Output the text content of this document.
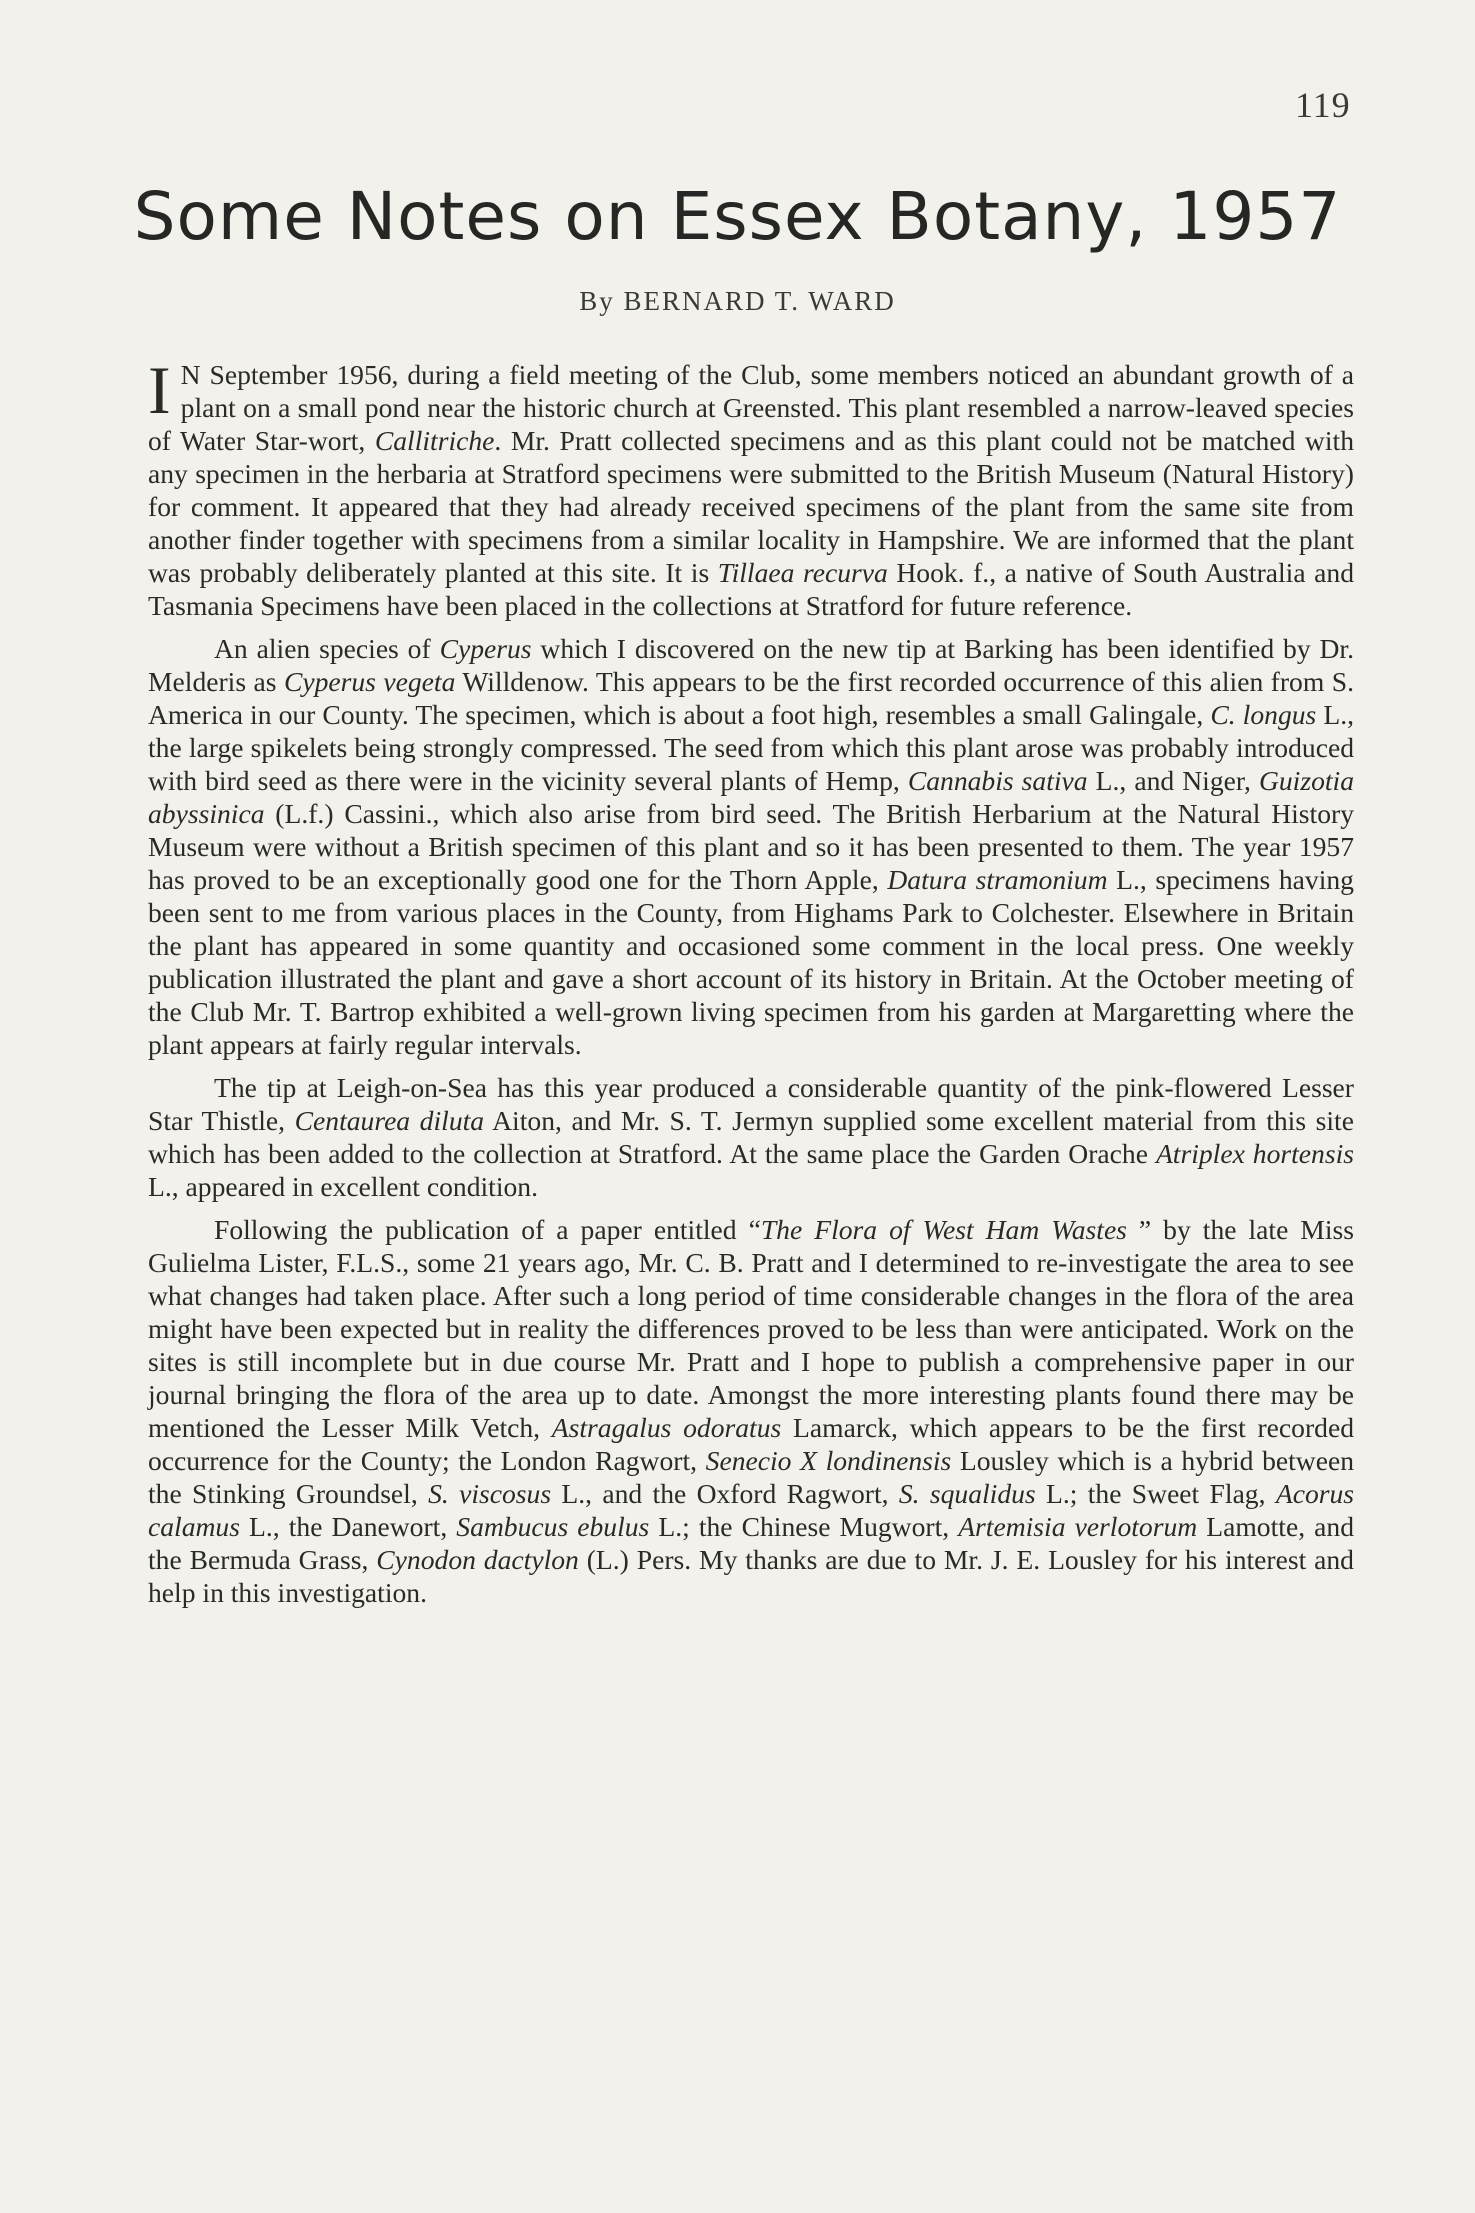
119
Some Notes on Essex Botany, 1957
By BERNARD T. WARD

I N September 1956, during a field meeting of the Club, some members noticed an abundant growth of a plant on a small pond near the historic church at Greensted. This plant resembled a narrow-leaved species of Water Star-wort, Callitriche. Mr. Pratt collected specimens and as this plant could not be matched with any specimen in the herbaria at Stratford specimens were submitted to the British Museum (Natural History) for comment. It appeared that they had already received specimens of the plant from the same site from another finder together with specimens from a similar locality in Hampshire. We are informed that the plant was probably deliberately planted at this site. It is Tillaea recurva Hook. f., a native of South Australia and Tasmania Specimens have been placed in the collections at Stratford for future reference.

An alien species of Cyperus which I discovered on the new tip at Barking has been identified by Dr. Melderis as Cyperus vegeta Willdenow. This appears to be the first recorded occurrence of this alien from S. America in our County. The specimen, which is about a foot high, resembles a small Galingale, C. longus L., the large spikelets being strongly compressed. The seed from which this plant arose was probably introduced with bird seed as there were in the vicinity several plants of Hemp, Cannabis sativa L., and Niger, Guizotia abyssinica (L.f.) Cassini., which also arise from bird seed. The British Herbarium at the Natural History Museum were without a British specimen of this plant and so it has been presented to them. The year 1957 has proved to be an exceptionally good one for the Thorn Apple, Datura stramonium L., specimens having been sent to me from various places in the County, from Highams Park to Colchester. Elsewhere in Britain the plant has appeared in some quantity and occasioned some comment in the local press. One weekly publication illustrated the plant and gave a short account of its history in Britain. At the October meeting of the Club Mr. T. Bartrop exhibited a well-grown living specimen from his garden at Margaretting where the plant appears at fairly regular intervals.

The tip at Leigh-on-Sea has this year produced a considerable quantity of the pink-flowered Lesser Star Thistle, Centaurea diluta Aiton, and Mr. S. T. Jermyn supplied some excellent material from this site which has been added to the collection at Stratford. At the same place the Garden Orache Atriplex hortensis L., appeared in excellent condition.

Following the publication of a paper entitled “The Flora of West Ham Wastes ” by the late Miss Gulielma Lister, F.L.S., some 21 years ago, Mr. C. B. Pratt and I determined to re-investigate the area to see what changes had taken place. After such a long period of time considerable changes in the flora of the area might have been expected but in reality the differences proved to be less than were anticipated. Work on the sites is still incomplete but in due course Mr. Pratt and I hope to publish a comprehensive paper in our journal bringing the flora of the area up to date. Amongst the more interesting plants found there may be mentioned the Lesser Milk Vetch, Astragalus odoratus Lamarck, which appears to be the first recorded occurrence for the County; the London Ragwort, Senecio X londinensis Lousley which is a hybrid between the Stinking Groundsel, S. viscosus L., and the Oxford Ragwort, S. squalidus L.; the Sweet Flag, Acorus calamus L., the Danewort, Sambucus ebulus L.; the Chinese Mugwort, Artemisia verlotorum Lamotte, and the Bermuda Grass, Cynodon dactylon (L.) Pers. My thanks are due to Mr. J. E. Lousley for his interest and help in this investigation.
